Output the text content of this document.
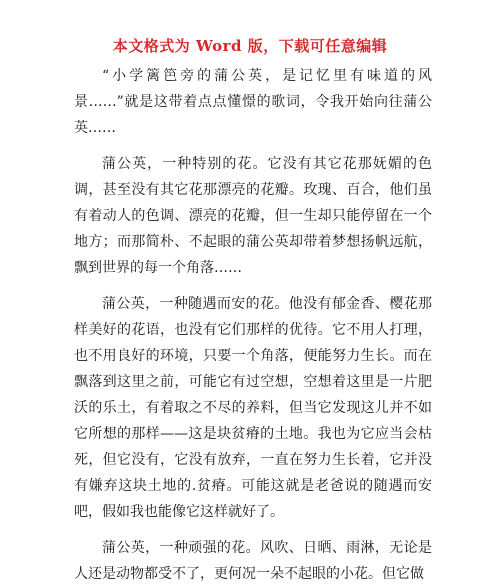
本文格式为 Word 版，下载可任意编辑

“小学篱笆旁的蒲公英，是记忆里有味道的风景……”就是这带着点点懂憬的歌词，令我开始向往蒲公英……

蒲公英，一种特别的花。它没有其它花那妩媚的色调，甚至没有其它花那漂亮的花瓣。玫瑰、百合，他们虽有着动人的色调、漂亮的花瓣，但一生却只能停留在一个地方；而那简朴、不起眼的蒲公英却带着梦想扬帆远航，飘到世界的每一个角落……

蒲公英，一种随遇而安的花。他没有郁金香、樱花那样美好的花语，也没有它们那样的优待。它不用人打理，也不用良好的环境，只要一个角落，便能努力生长。而在飘落到这里之前，可能它有过空想，空想着这里是一片肥沃的乐土，有着取之不尽的养料，但当它发现这儿并不如它所想的那样——这是块贫瘠的土地。我也为它应当会枯死，但它没有，它没有放弃，一直在努力生长着，它并没有嫌弃这块土地的.贫瘠。可能这就是老爸说的随遇而安吧，假如我也能像它这样就好了。

蒲公英，一种顽强的花。风吹、日晒、雨淋，无论是人还是动物都受不了，更何况一朵不起眼的小花。但它做
